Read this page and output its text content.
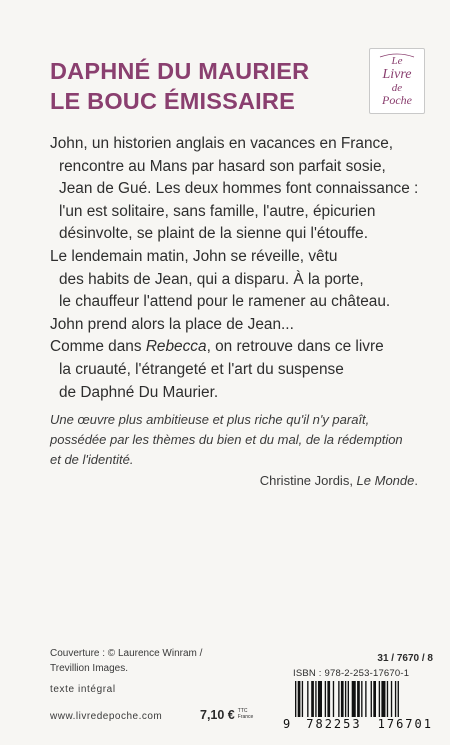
DAPHNÉ DU MAURIER
LE BOUC ÉMISSAIRE
Le
Livre
de
Poche
John, un historien anglais en vacances en France,
rencontre au Mans par hasard son parfait sosie,
Jean de Gué. Les deux hommes font connaissance :
l'un est solitaire, sans famille, l'autre, épicurien
désinvolte, se plaint de la sienne qui l'étouffe.
Le lendemain matin, John se réveille, vêtu
des habits de Jean, qui a disparu. À la porte,
le chauffeur l'attend pour le ramener au château.
John prend alors la place de Jean...
Comme dans Rebecca, on retrouve dans ce livre
la cruauté, l'étrangeté et l'art du suspense
de Daphné Du Maurier.
Une œuvre plus ambitieuse et plus riche qu'il n'y paraît,
possédée par les thèmes du bien et du mal, de la rédemption
et de l'identité.
Christine Jordis, Le Monde.
Couverture : © Laurence Winram /
Trevillion Images.
texte intégral
www.livredepoche.com	7,10 € TTC
France
31 / 7670 / 8
ISBN : 978-2-253-17670-1
9 782253 176701
